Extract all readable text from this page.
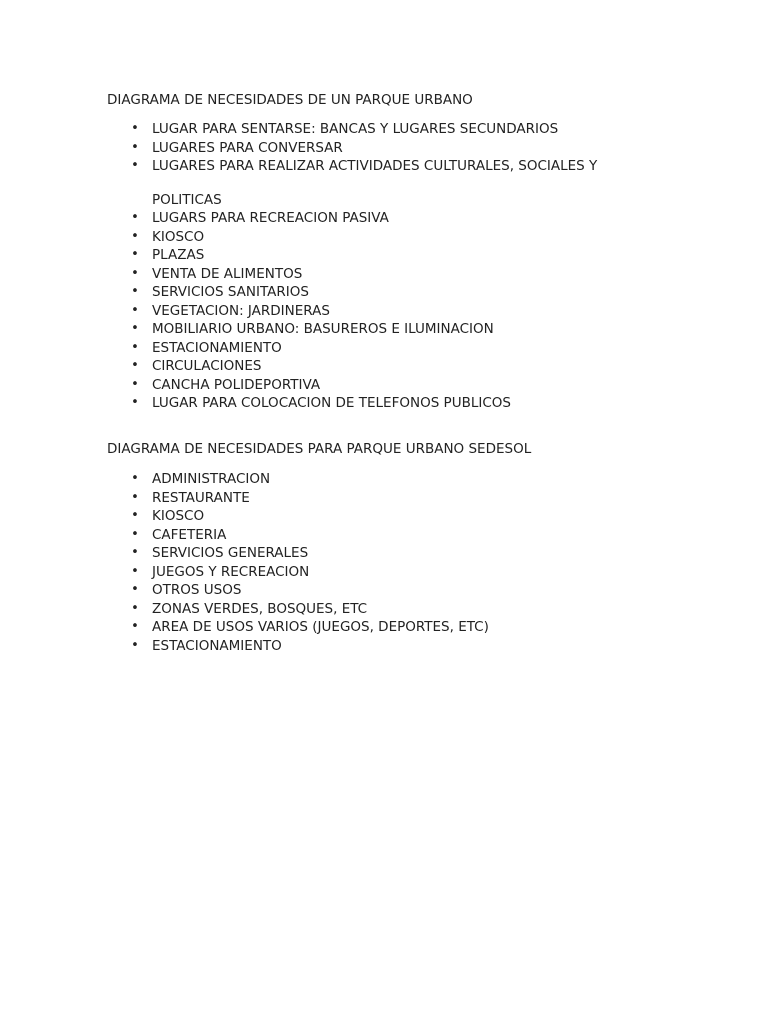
DIAGRAMA DE NECESIDADES DE UN PARQUE URBANO
• LUGAR PARA SENTARSE: BANCAS Y LUGARES SECUNDARIOS
• LUGARES PARA CONVERSAR
• LUGARES PARA REALIZAR ACTIVIDADES CULTURALES, SOCIALES Y
POLITICAS
• LUGARS PARA RECREACION PASIVA
• KIOSCO
• PLAZAS
• VENTA DE ALIMENTOS
• SERVICIOS SANITARIOS
• VEGETACION: JARDINERAS
• MOBILIARIO URBANO: BASUREROS E ILUMINACION
• ESTACIONAMIENTO
• CIRCULACIONES
• CANCHA POLIDEPORTIVA
• LUGAR PARA COLOCACION DE TELEFONOS PUBLICOS
DIAGRAMA DE NECESIDADES PARA PARQUE URBANO SEDESOL
• ADMINISTRACION
• RESTAURANTE
• KIOSCO
• CAFETERIA
• SERVICIOS GENERALES
• JUEGOS Y RECREACION
• OTROS USOS
• ZONAS VERDES, BOSQUES, ETC
• AREA DE USOS VARIOS (JUEGOS, DEPORTES, ETC)
• ESTACIONAMIENTO
